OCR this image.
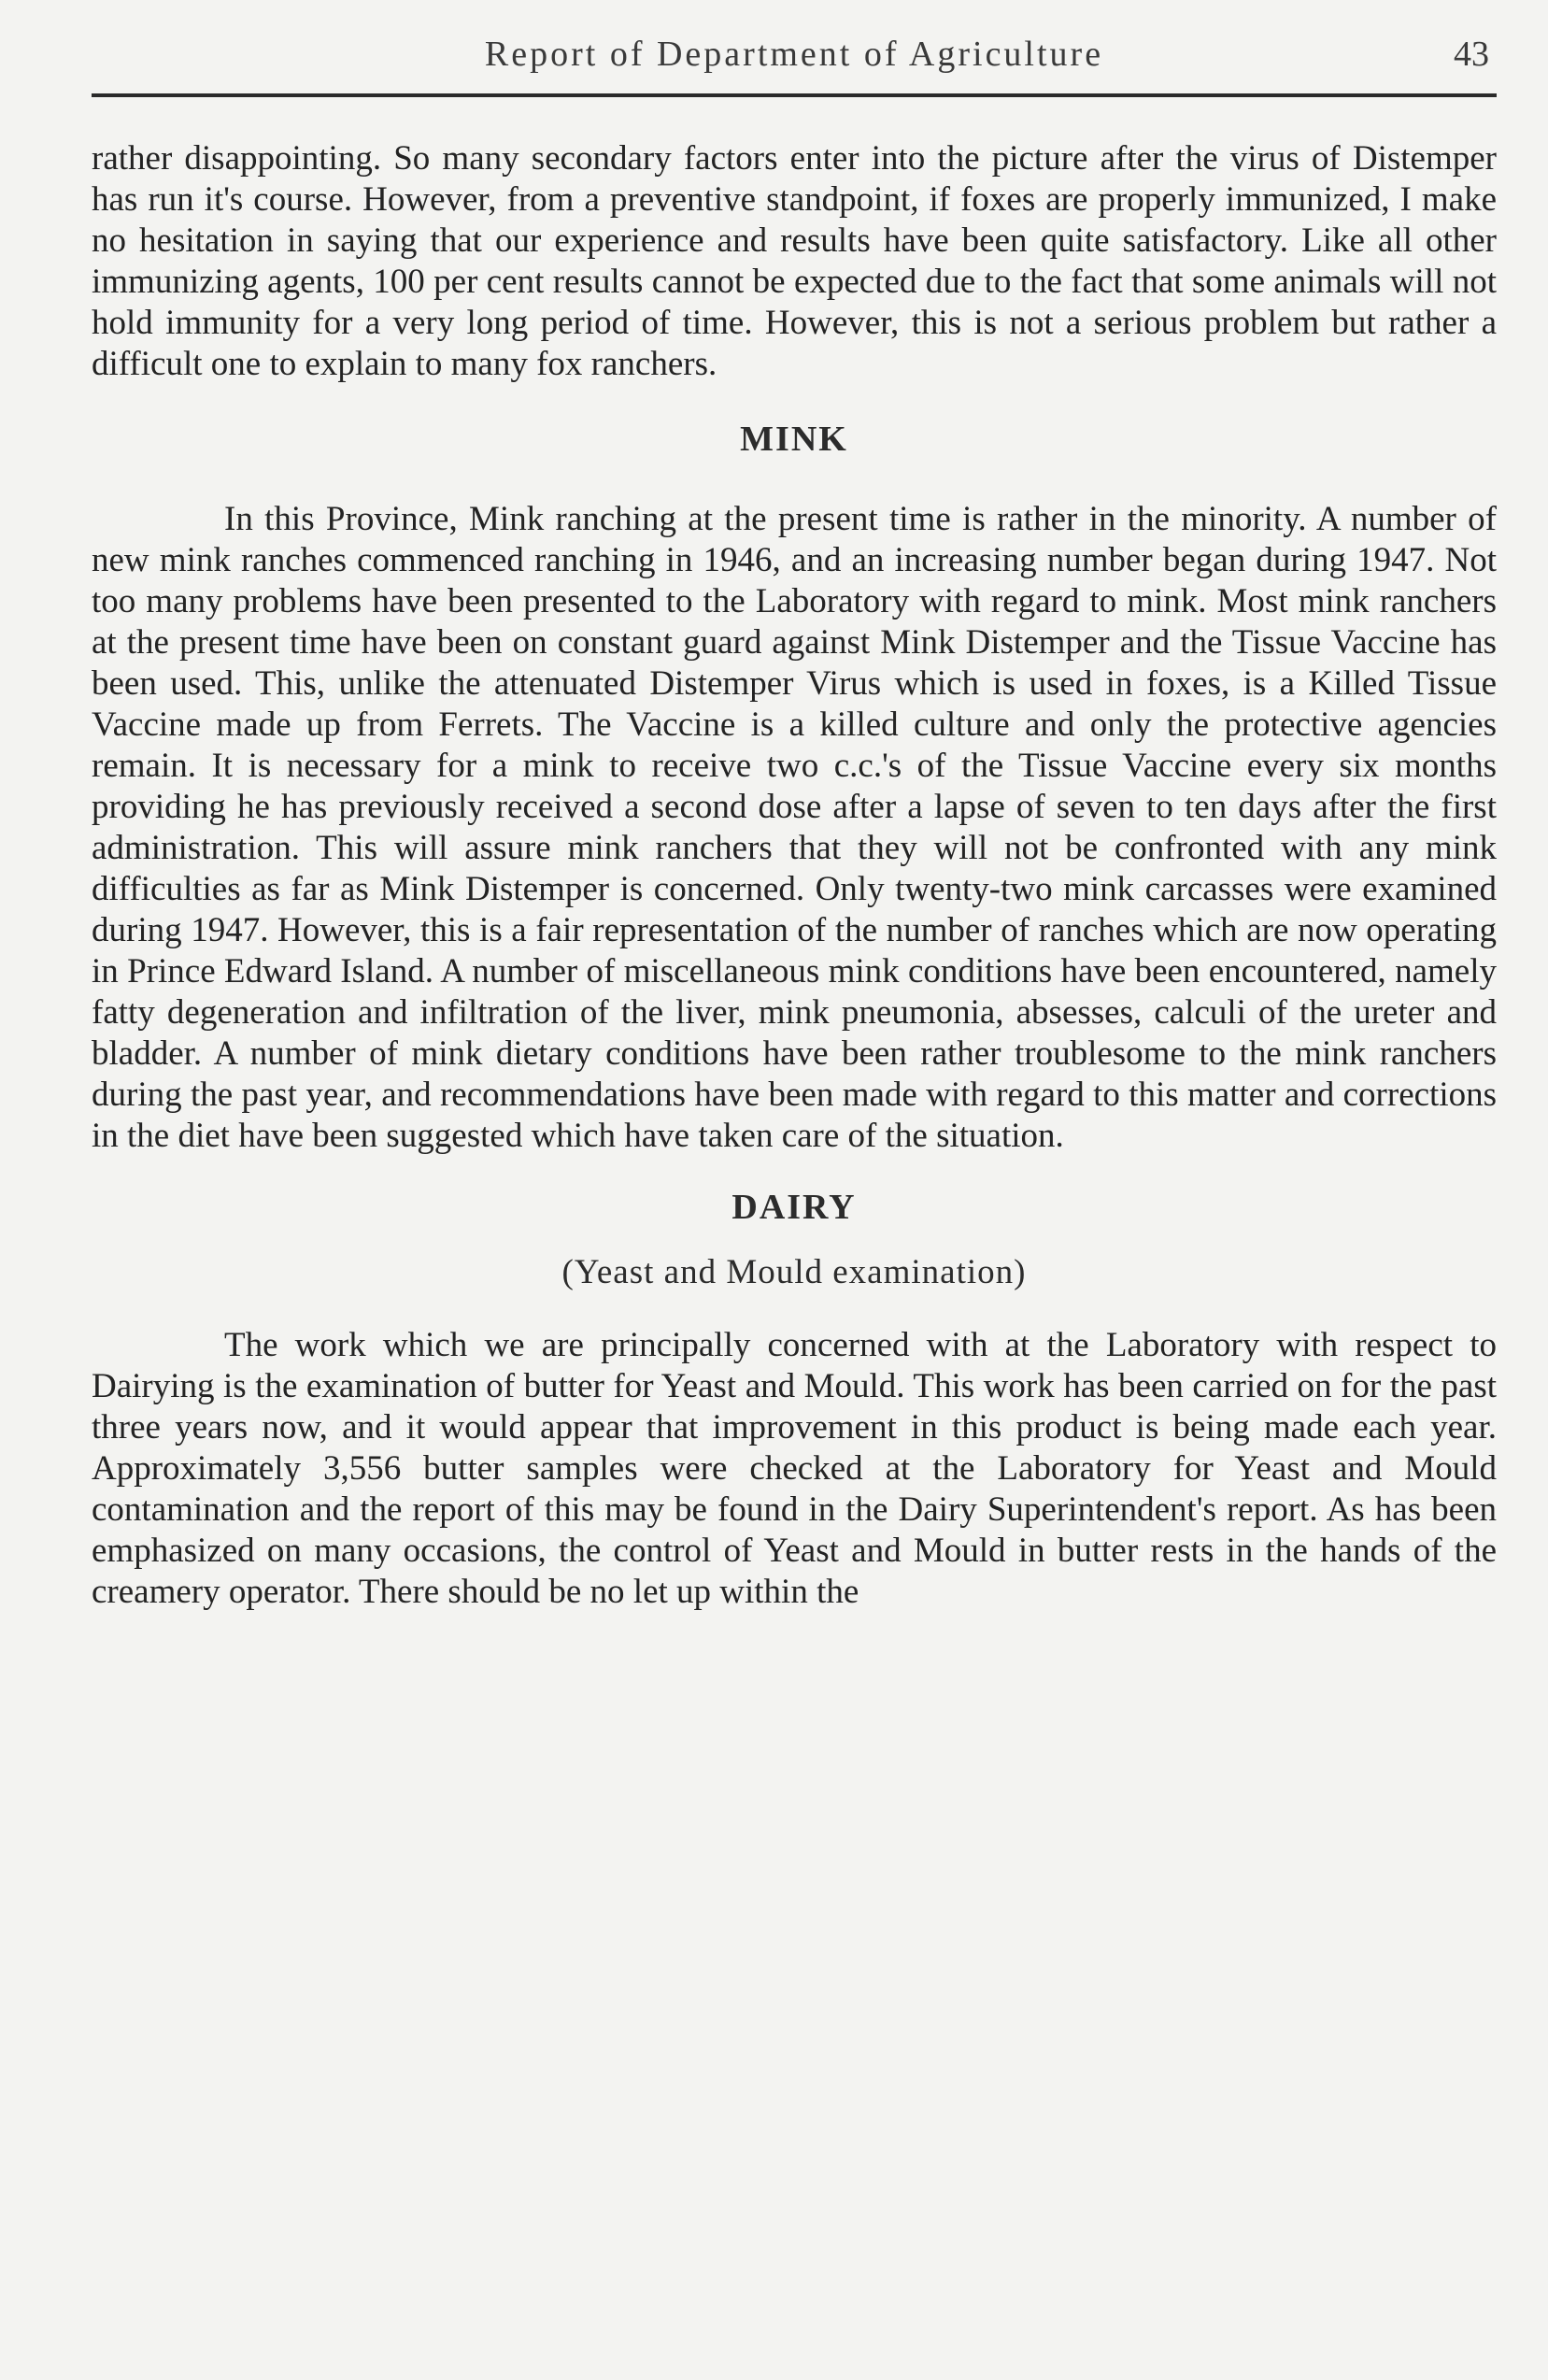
Report of Department of Agriculture	43

rather disappointing. So many secondary factors enter into the picture after the virus of Distemper has run it's course. However, from a preventive standpoint, if foxes are properly immunized, I make no hesitation in saying that our experience and results have been quite satisfactory. Like all other immunizing agents, 100 per cent results cannot be expected due to the fact that some animals will not hold immunity for a very long period of time. However, this is not a serious problem but rather a difficult one to explain to many fox ranchers.

MINK

In this Province, Mink ranching at the present time is rather in the minority. A number of new mink ranches commenced ranching in 1946, and an increasing number began during 1947. Not too many problems have been presented to the Laboratory with regard to mink. Most mink ranchers at the present time have been on constant guard against Mink Distemper and the Tissue Vaccine has been used. This, unlike the attenuated Distemper Virus which is used in foxes, is a Killed Tissue Vaccine made up from Ferrets. The Vaccine is a killed culture and only the protective agencies remain. It is necessary for a mink to receive two c.c.'s of the Tissue Vaccine every six months providing he has previously received a second dose after a lapse of seven to ten days after the first administration. This will assure mink ranchers that they will not be confronted with any mink difficulties as far as Mink Distemper is concerned. Only twenty-two mink carcasses were examined during 1947. However, this is a fair representation of the number of ranches which are now operating in Prince Edward Island. A number of miscellaneous mink conditions have been encountered, namely fatty degeneration and infiltration of the liver, mink pneumonia, absesses, calculi of the ureter and bladder. A number of mink dietary conditions have been rather troublesome to the mink ranchers during the past year, and recommendations have been made with regard to this matter and corrections in the diet have been suggested which have taken care of the situation.

DAIRY
(Yeast and Mould examination)

The work which we are principally concerned with at the Laboratory with respect to Dairying is the examination of butter for Yeast and Mould. This work has been carried on for the past three years now, and it would appear that improvement in this product is being made each year. Approximately 3,556 butter samples were checked at the Laboratory for Yeast and Mould contamination and the report of this may be found in the Dairy Superintendent's report. As has been emphasized on many occasions, the control of Yeast and Mould in butter rests in the hands of the creamery operator. There should be no let up within the
